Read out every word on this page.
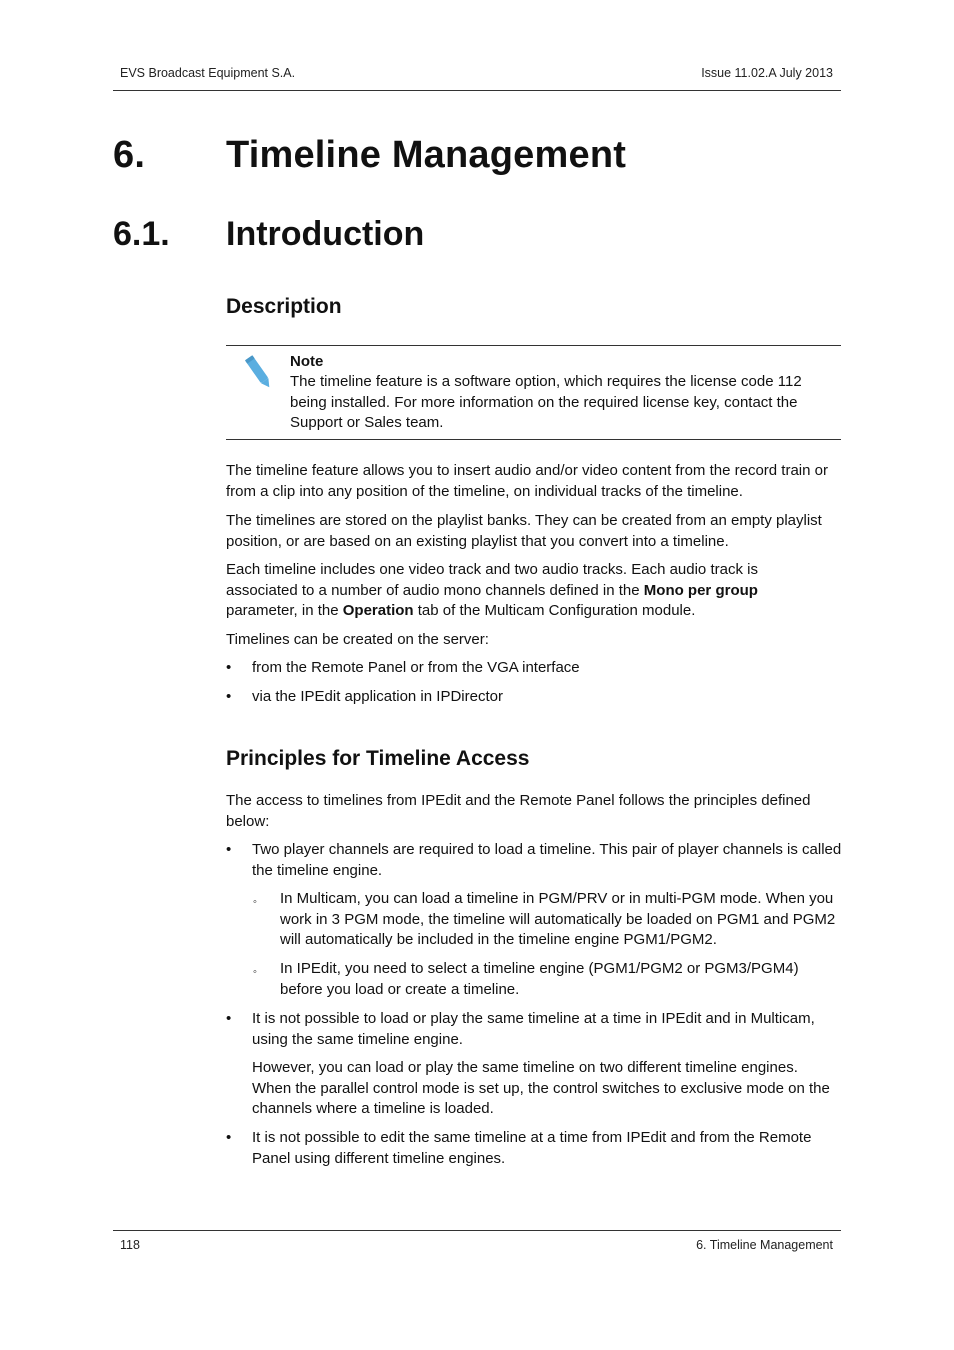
EVS Broadcast Equipment S.A.	Issue 11.02.A July 2013
6. Timeline Management
6.1. Introduction
Description
Note

The timeline feature is a software option, which requires the license code 112 being installed. For more information on the required license key, contact the Support or Sales team.

The timeline feature allows you to insert audio and/or video content from the record train or from a clip into any position of the timeline, on individual tracks of the timeline.

The timelines are stored on the playlist banks. They can be created from an empty playlist position, or are based on an existing playlist that you convert into a timeline.

Each timeline includes one video track and two audio tracks. Each audio track is associated to a number of audio mono channels defined in the Mono per group parameter, in the Operation tab of the Multicam Configuration module.

Timelines can be created on the server:

• from the Remote Panel or from the VGA interface

• via the IPEdit application in IPDirector

Principles for Timeline Access

The access to timelines from IPEdit and the Remote Panel follows the principles defined below:

• Two player channels are required to load a timeline. This pair of player channels is called the timeline engine.

◦ In Multicam, you can load a timeline in PGM/PRV or in multi-PGM mode. When you work in 3 PGM mode, the timeline will automatically be loaded on PGM1 and PGM2 will automatically be included in the timeline engine PGM1/PGM2.

◦ In IPEdit, you need to select a timeline engine (PGM1/PGM2 or PGM3/PGM4) before you load or create a timeline.

• It is not possible to load or play the same timeline at a time in IPEdit and in Multicam, using the same timeline engine.

However, you can load or play the same timeline on two different timeline engines. When the parallel control mode is set up, the control switches to exclusive mode on the channels where a timeline is loaded.

• It is not possible to edit the same timeline at a time from IPEdit and from the Remote Panel using different timeline engines.

118	6. Timeline Management
